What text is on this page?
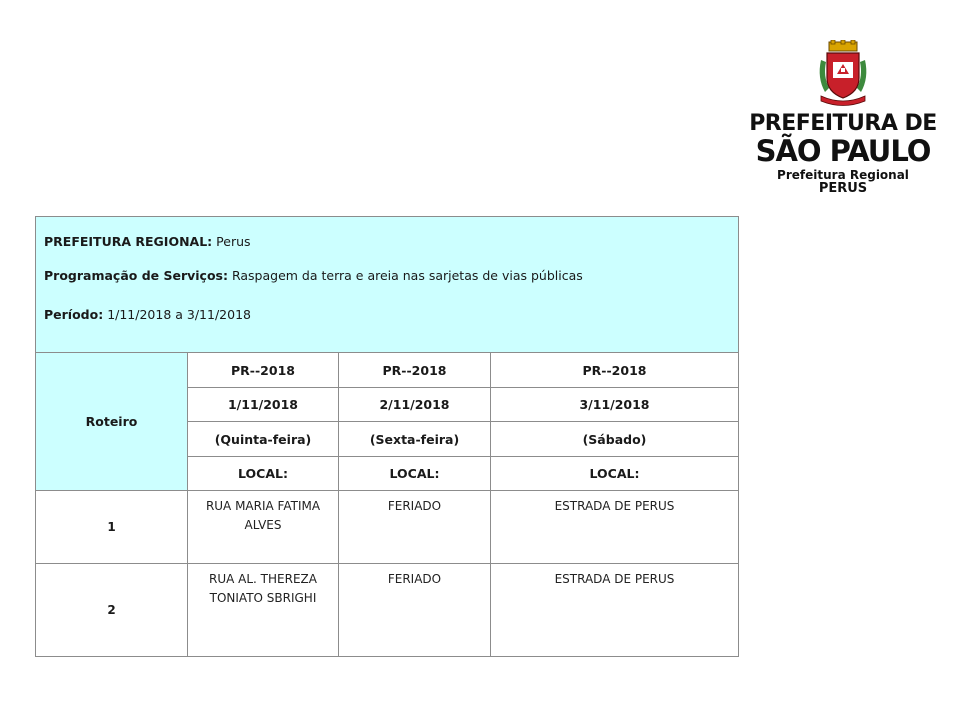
PREFEITURA DE
SÃO PAULO
Prefeitura Regional
PERUS

PREFEITURA REGIONAL: Perus

Programação de Serviços: Raspagem da terra e areia nas sarjetas de vias públicas

Período: 1/11/2018 a 3/11/2018			

Roteiro	PR--2018	PR--2018	PR--2018
	1/11/2018	2/11/2018	3/11/2018
	(Quinta-feira)	(Sexta-feira)	(Sábado)
	LOCAL:	LOCAL:	LOCAL:
1	RUA MARIA FATIMA ALVES	FERIADO	ESTRADA DE PERUS
2	RUA AL. THEREZA TONIATO SBRIGHI	FERIADO	ESTRADA DE PERUS
